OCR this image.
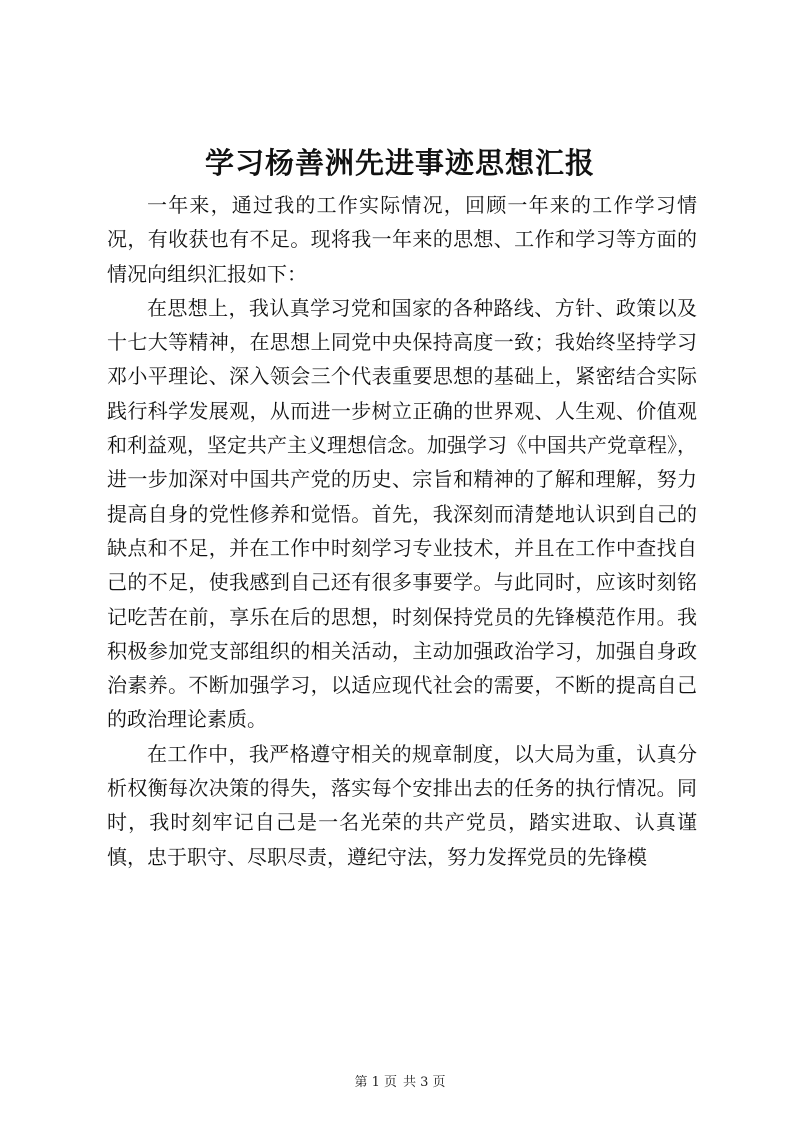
学习杨善洲先进事迹思想汇报

一年来，通过我的工作实际情况，回顾一年来的工作学习情况，有收获也有不足。现将我一年来的思想、工作和学习等方面的情况向组织汇报如下：

在思想上，我认真学习党和国家的各种路线、方针、政策以及十七大等精神，在思想上同党中央保持高度一致；我始终坚持学习邓小平理论、深入领会三个代表重要思想的基础上，紧密结合实际践行科学发展观，从而进一步树立正确的世界观、人生观、价值观和利益观，坚定共产主义理想信念。加强学习《中国共产党章程》，进一步加深对中国共产党的历史、宗旨和精神的了解和理解，努力提高自身的党性修养和觉悟。首先，我深刻而清楚地认识到自己的缺点和不足，并在工作中时刻学习专业技术，并且在工作中查找自己的不足，使我感到自己还有很多事要学。与此同时，应该时刻铭记吃苦在前，享乐在后的思想，时刻保持党员的先锋模范作用。我积极参加党支部组织的相关活动，主动加强政治学习，加强自身政治素养。不断加强学习，以适应现代社会的需要，不断的提高自己的政治理论素质。

在工作中，我严格遵守相关的规章制度，以大局为重，认真分析权衡每次决策的得失，落实每个安排出去的任务的执行情况。同时，我时刻牢记自己是一名光荣的共产党员，踏实进取、认真谨慎，忠于职守、尽职尽责，遵纪守法，努力发挥党员的先锋模

第 1 页 共 3 页
